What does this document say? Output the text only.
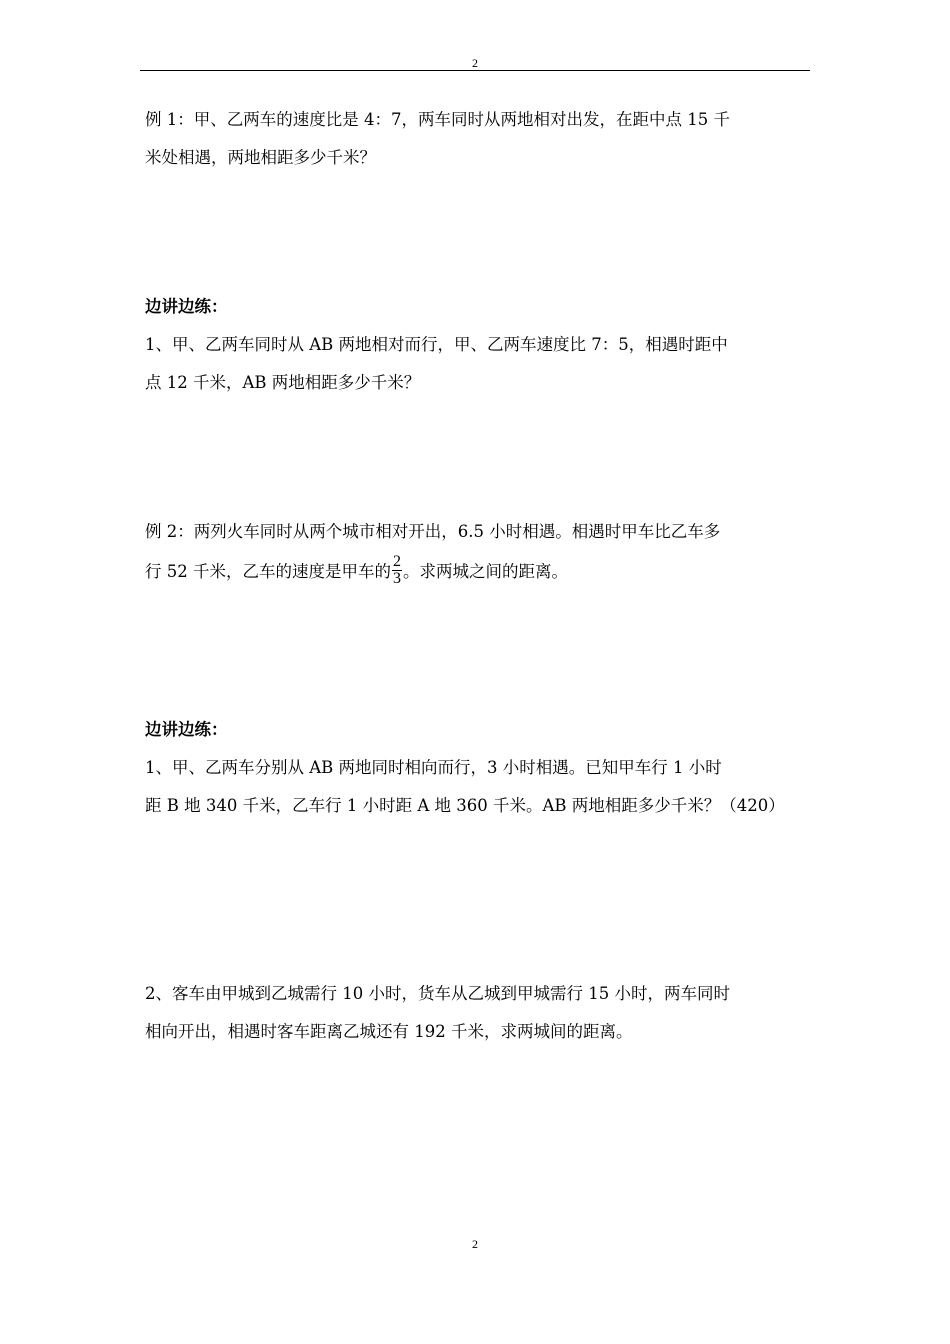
2
例 1：甲、乙两车的速度比是 4：7，两车同时从两地相对出发，在距中点 15 千
米处相遇，两地相距多少千米？
边讲边练：
1、甲、乙两车同时从 AB 两地相对而行，甲、乙两车速度比 7：5，相遇时距中
点 12 千米，AB 两地相距多少千米？
例 2：两列火车同时从两个城市相对开出，6.5 小时相遇。相遇时甲车比乙车多
行 52 千米，乙车的速度是甲车的 $\frac{2}{3}$ 。求两城之间的距离。
边讲边练：
1、甲、乙两车分别从 AB 两地同时相向而行，3 小时相遇。已知甲车行 1 小时
距 B 地 340 千米，乙车行 1 小时距 A 地 360 千米。AB 两地相距多少千米？（420）
2、客车由甲城到乙城需行 10 小时，货车从乙城到甲城需行 15 小时，两车同时
相向开出，相遇时客车距离乙城还有 192 千米，求两城间的距离。
2
